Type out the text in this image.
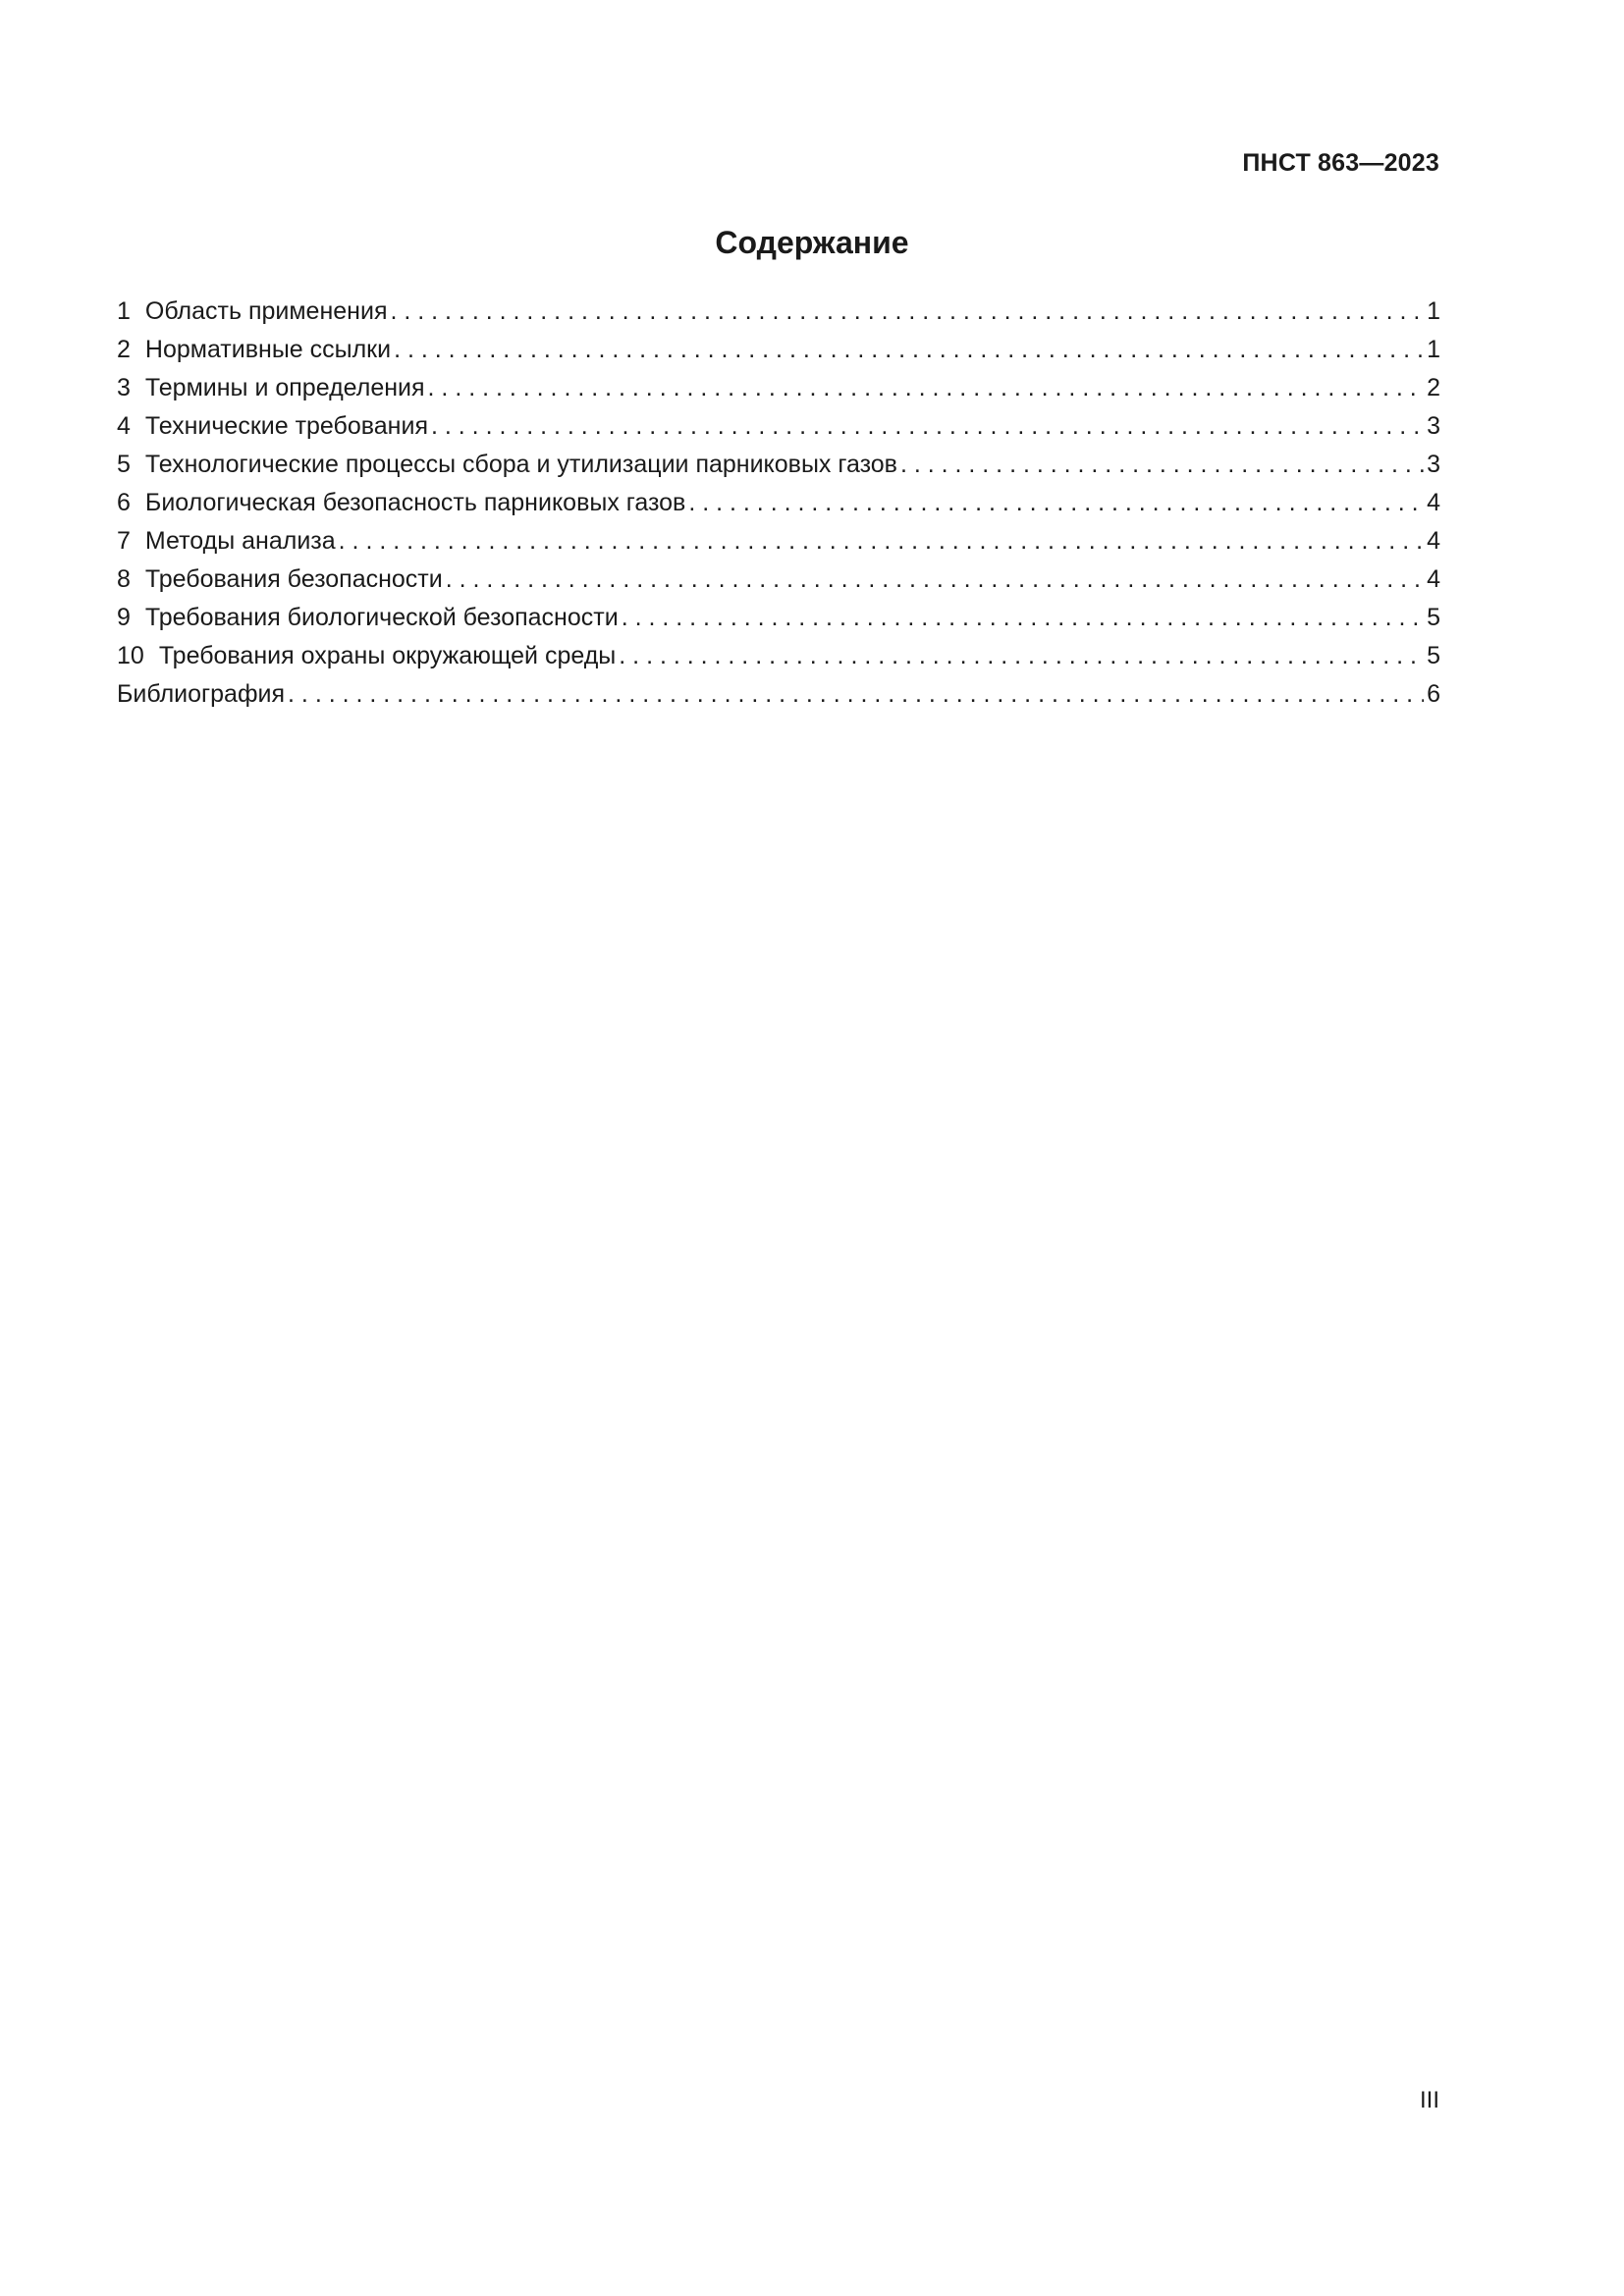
ПНСТ 863—2023
Содержание
1 Область применения . . .	1
2 Нормативные ссылки . . .	1
3 Термины и определения . . .	2
4 Технические требования . . .	3
5 Технологические процессы сбора и утилизации парниковых газов . . .	3
6 Биологическая безопасность парниковых газов . . .	4
7 Методы анализа . . .	4
8 Требования безопасности . . .	4
9 Требования биологической безопасности . . .	5
10 Требования охраны окружающей среды . . .	5
Библиография . . .	6
III
